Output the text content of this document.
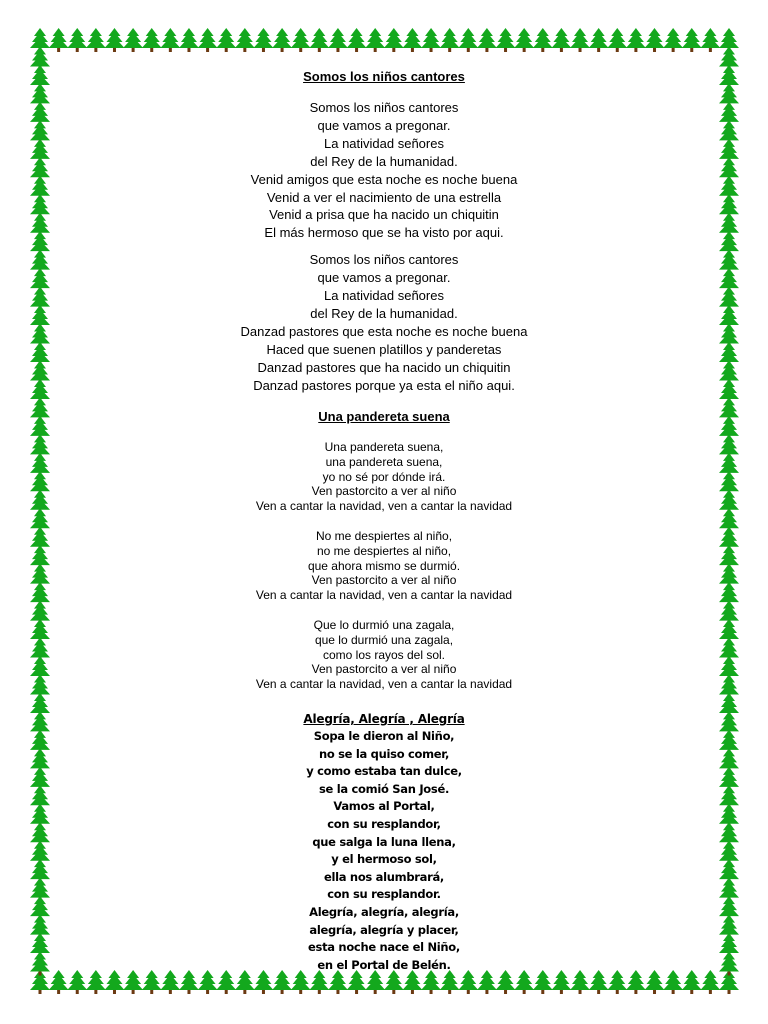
Somos los niños cantores
Somos los niños cantores
que vamos a pregonar.
La natividad señores
del Rey de la humanidad.
Venid amigos que esta noche es noche buena
Venid a ver el nacimiento de una estrella
Venid a prisa que ha nacido un chiquitin
El más hermoso que se ha visto por aqui.
Somos los niños cantores
que vamos a pregonar.
La natividad señores
del Rey de la humanidad.
Danzad pastores que esta noche es noche buena
Haced que suenen platillos y panderetas
Danzad pastores que ha nacido un chiquitin
Danzad pastores porque ya esta el niño aqui.
Una pandereta suena
Una pandereta suena,
una pandereta suena,
yo no sé por dónde irá.
Ven pastorcito a ver al niño
Ven a cantar la navidad, ven a cantar la navidad
No me despiertes al niño,
no me despiertes al niño,
que ahora mismo se durmió.
Ven pastorcito a ver al niño
Ven a cantar la navidad, ven a cantar la navidad
Que lo durmió una zagala,
que lo durmió una zagala,
como los rayos del sol.
Ven pastorcito a ver al niño
Ven a cantar la navidad, ven a cantar la navidad
Alegría, Alegría , Alegría
Sopa le dieron al Niño,
no se la quiso comer,
y como estaba tan dulce,
se la comió San José.
Vamos al Portal,
con su resplandor,
que salga la luna llena,
y el hermoso sol,
ella nos alumbrará,
con su resplandor.
Alegría, alegría, alegría,
alegría, alegría y placer,
esta noche nace el Niño,
en el Portal de Belén.
